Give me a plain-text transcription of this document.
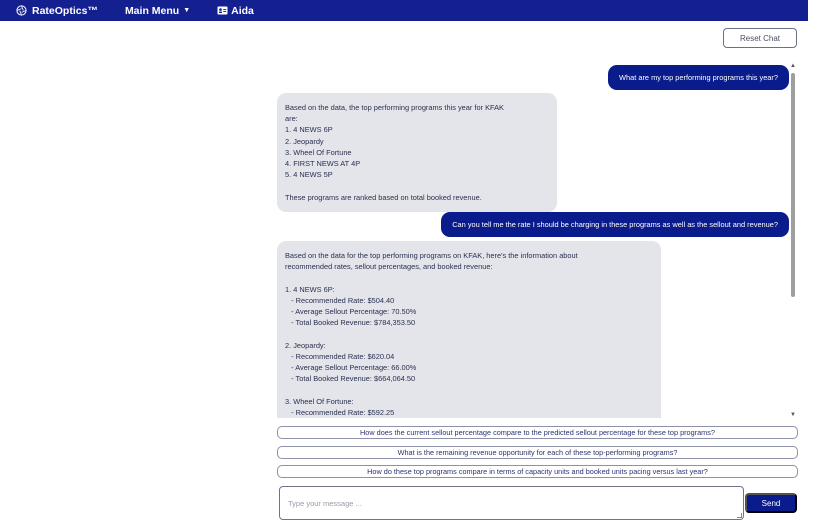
RateOptics™	Main Menu ▼	Aida
Reset Chat
What are my top performing programs this year?
Based on the data, the top performing programs this year for KFAK
are:
1. 4 NEWS 6P
2. Jeopardy
3. Wheel Of Fortune
4. FIRST NEWS AT 4P
5. 4 NEWS 5P
These programs are ranked based on total booked revenue.
Can you tell me the rate I should be charging in these programs as well as the sellout and revenue?
Based on the data for the top performing programs on KFAK, here's the information about
recommended rates, sellout percentages, and booked revenue:
1. 4 NEWS 6P:
- Recommended Rate: $504.40
- Average Sellout Percentage: 70.50%
- Total Booked Revenue: $784,353.50
2. Jeopardy:
- Recommended Rate: $620.04
- Average Sellout Percentage: 66.00%
- Total Booked Revenue: $664,064.50
3. Wheel Of Fortune:
- Recommended Rate: $592.25
▲
▼
How does the current sellout percentage compare to the predicted sellout percentage for these top programs?
What is the remaining revenue opportunity for each of these top-performing programs?
How do these top programs compare in terms of capacity units and booked units pacing versus last year?
Type your message ...	Send
